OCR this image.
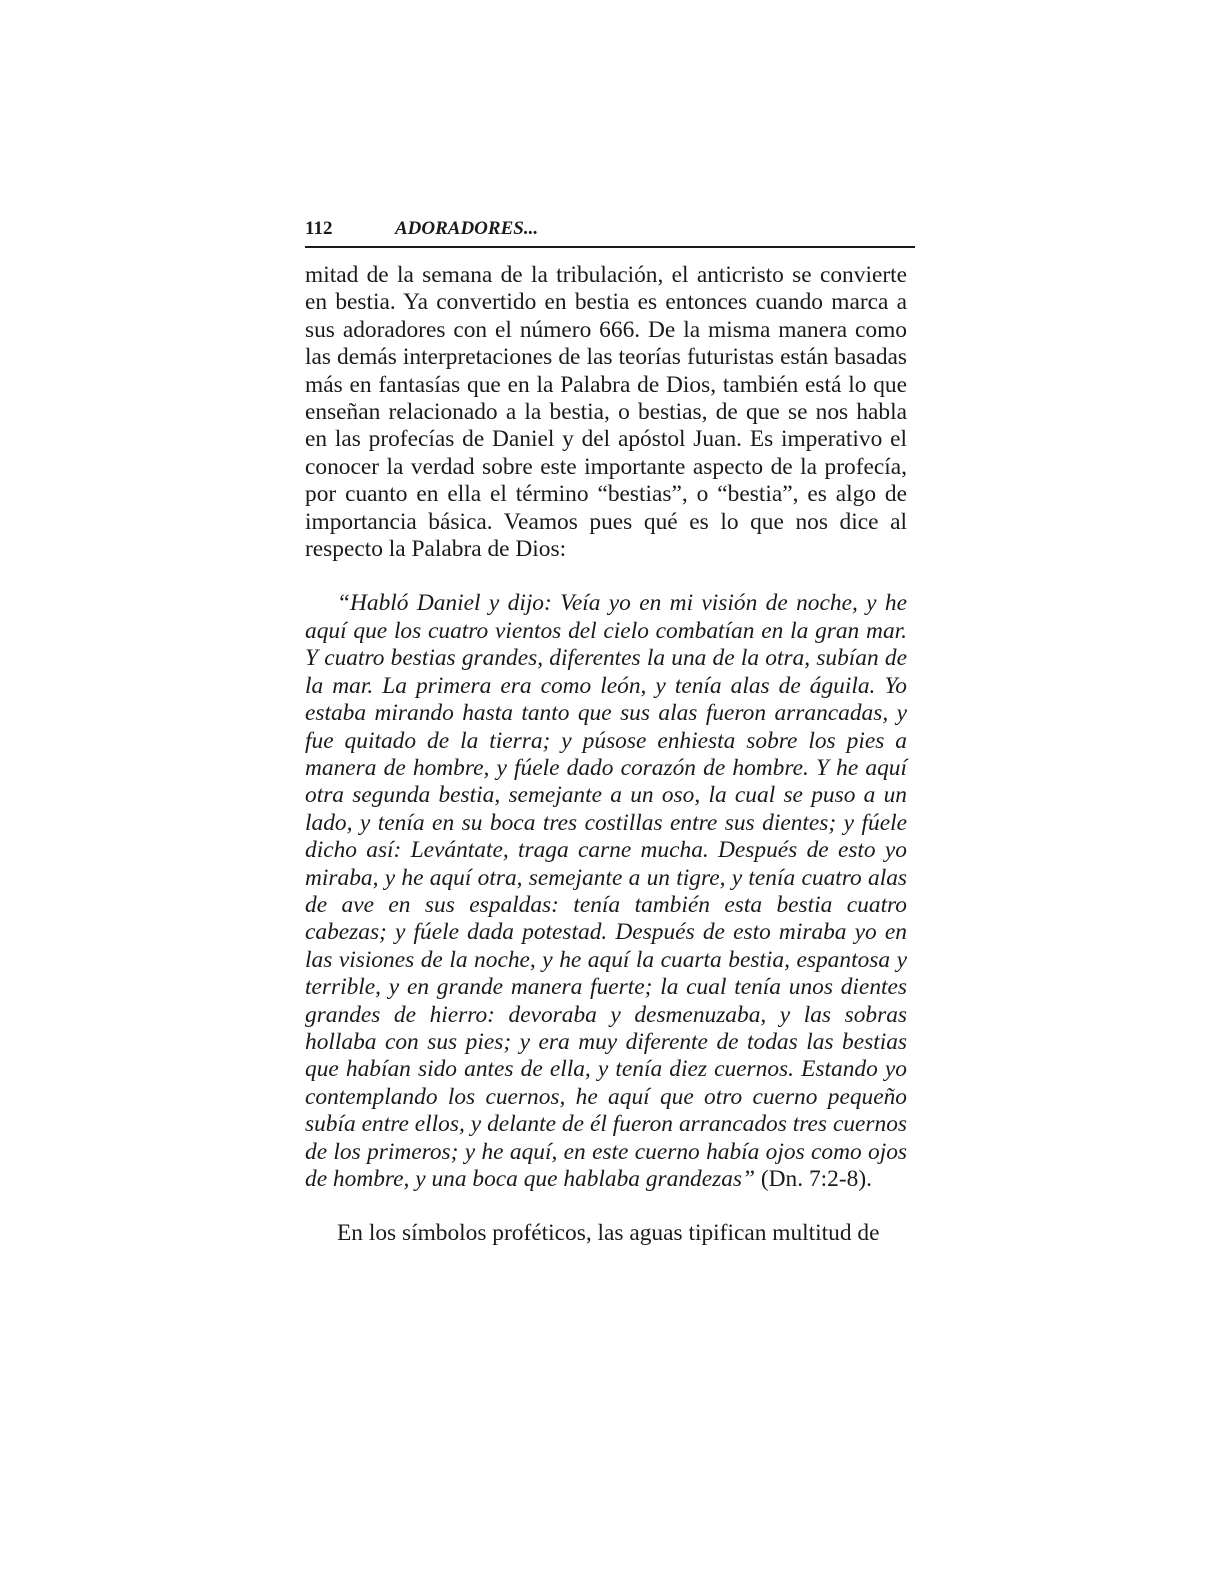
112	ADORADORES...

mitad de la semana de la tribulación, el anticristo se convierte en bestia. Ya convertido en bestia es entonces cuando marca a sus adoradores con el número 666. De la misma manera como las demás interpretaciones de las teorías futuristas están basadas más en fantasías que en la Palabra de Dios, también está lo que enseñan relacionado a la bestia, o bestias, de que se nos habla en las profecías de Daniel y del apóstol Juan. Es imperativo el conocer la verdad sobre este importante aspecto de la profecía, por cuanto en ella el término “bestias”, o “bestia”, es algo de importancia básica. Veamos pues qué es lo que nos dice al respecto la Palabra de Dios:

“Habló Daniel y dijo: Veía yo en mi visión de noche, y he aquí que los cuatro vientos del cielo combatían en la gran mar. Y cuatro bestias grandes, diferentes la una de la otra, subían de la mar. La primera era como león, y tenía alas de águila. Yo estaba mirando hasta tanto que sus alas fueron arrancadas, y fue quitado de la tierra; y púsose enhiesta sobre los pies a manera de hombre, y fúele dado corazón de hombre. Y he aquí otra segunda bestia, semejante a un oso, la cual se puso a un lado, y tenía en su boca tres costillas entre sus dientes; y fúele dicho así: Levántate, traga carne mucha. Después de esto yo miraba, y he aquí otra, semejante a un tigre, y tenía cuatro alas de ave en sus espaldas: tenía también esta bestia cuatro cabezas; y fúele dada potestad. Después de esto miraba yo en las visiones de la noche, y he aquí la cuarta bestia, espantosa y terrible, y en grande manera fuerte; la cual tenía unos dientes grandes de hierro: devoraba y desmenuzaba, y las sobras hollaba con sus pies; y era muy diferente de todas las bestias que habían sido antes de ella, y tenía diez cuernos. Estando yo contemplando los cuernos, he aquí que otro cuerno pequeño subía entre ellos, y delante de él fueron arrancados tres cuernos de los primeros; y he aquí, en este cuerno había ojos como ojos de hombre, y una boca que hablaba grandezas” (Dn. 7:2-8).

En los símbolos proféticos, las aguas tipifican multitud de
